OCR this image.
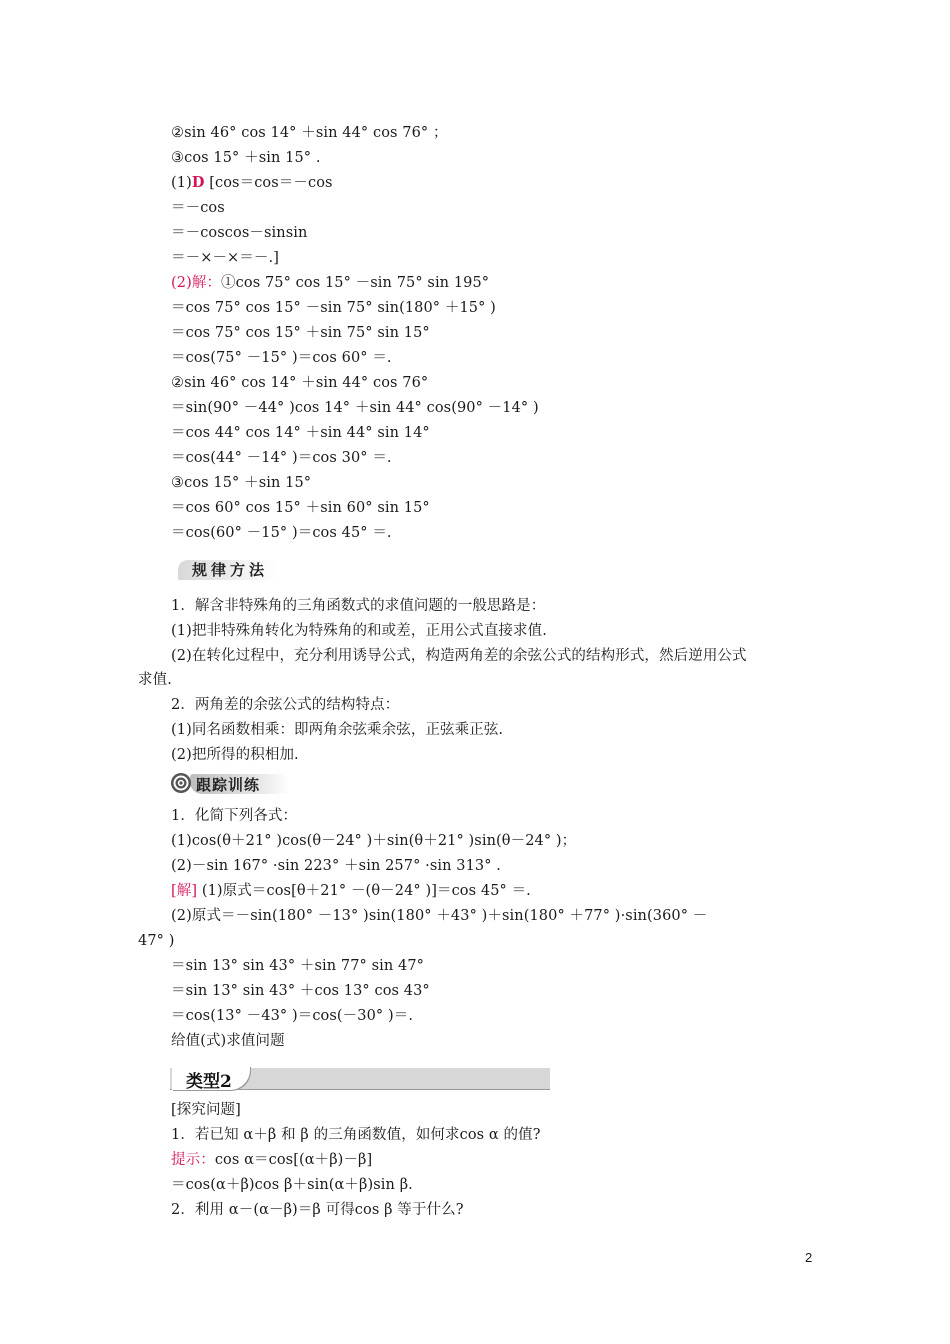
②sin 46° cos 14° ＋sin 44° cos 76° ；
③cos 15° ＋sin 15° .
(1)D [cos＝cos＝－cos
＝－cos
＝－coscos－sinsin
＝－×－×＝－.]
(2)解：①cos 75° cos 15° －sin 75° sin 195°
＝cos 75° cos 15° －sin 75° sin(180° ＋15° )
＝cos 75° cos 15° ＋sin 75° sin 15°
＝cos(75° －15° )＝cos 60° ＝.
②sin 46° cos 14° ＋sin 44° cos 76°
＝sin(90° －44° )cos 14° ＋sin 44° cos(90° －14° )
＝cos 44° cos 14° ＋sin 44° sin 14°
＝cos(44° －14° )＝cos 30° ＝.
③cos 15° ＋sin 15°
＝cos 60° cos 15° ＋sin 60° sin 15°
＝cos(60° －15° )＝cos 45° ＝.
规律方法
1．解含非特殊角的三角函数式的求值问题的一般思路是：
(1)把非特殊角转化为特殊角的和或差，正用公式直接求值.
(2)在转化过程中，充分利用诱导公式，构造两角差的余弦公式的结构形式，然后逆用公式
求值.
2．两角差的余弦公式的结构特点：
(1)同名函数相乘：即两角余弦乘余弦，正弦乘正弦.
(2)把所得的积相加.
跟踪训练
1．化简下列各式：
(1)cos(θ＋21° )cos(θ－24° )＋sin(θ＋21° )sin(θ－24° )；
(2)－sin 167° ·sin 223° ＋sin 257° ·sin 313° .
[解] (1)原式＝cos[θ＋21° －(θ－24° )]＝cos 45° ＝.
(2)原式＝－sin(180° －13° )sin(180° ＋43° )＋sin(180° ＋77° )·sin(360° －
47° )
＝sin 13° sin 43° ＋sin 77° sin 47°
＝sin 13° sin 43° ＋cos 13° cos 43°
＝cos(13° －43° )＝cos(－30° )＝.
给值(式)求值问题
类型2
[探究问题]
1．若已知 α＋β 和 β 的三角函数值，如何求cos α 的值?
提示：cos α＝cos[(α＋β)－β]
＝cos(α＋β)cos β＋sin(α＋β)sin β.
2．利用 α－(α－β)＝β 可得cos β 等于什么?
2
